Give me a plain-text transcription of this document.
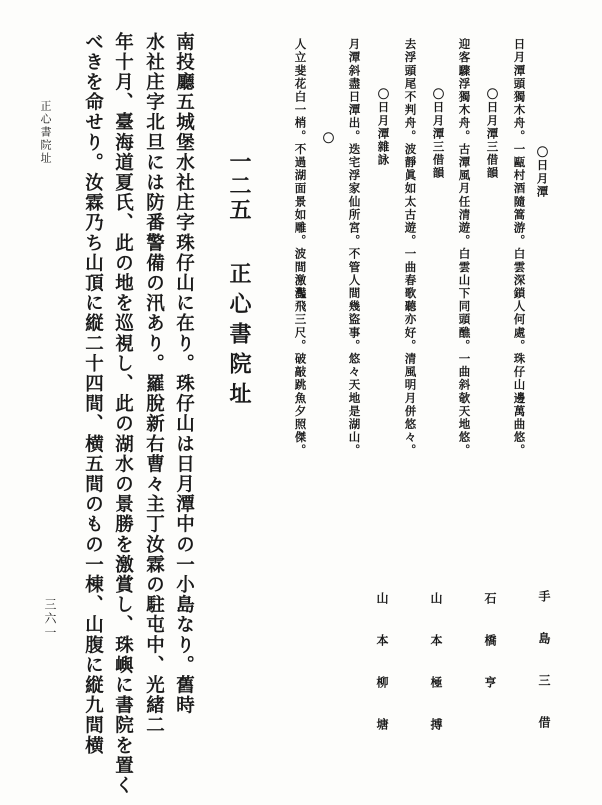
〇日月潭
日月潭頭獨木舟。一甌村酒隨篙游。白雲深鎖人何處。珠仔山邊萬曲悠。
〇日月潭三借韻
迎客驟浮獨木舟。古潭風月任清遊。白雲山下同頭醮。一曲斜欹天地悠。
〇日月潭三借韻
去浮頭尾不判舟。波靜眞如太古遊。一曲春歌聽亦好。清風明月併悠々。
〇日月潭雜詠
月潭斜盡日潭出。迭宅浮家仙所宮。不管人間幾盜事。悠々天地是湖山。
〇
人立斐花白一梢。不過湖面景如雕。波間激灩飛三尺。破敲跳魚夕照傑。
手島三借
石橋亨
山本極搏
山本柳塘
一二五
正心書院址
南投廳五城堡水社庄字珠仔山に在り。珠仔山は日月潭中の一小島なり。舊時
水社庄字北旦には防番警備の汛あり。羅脫新右曹々主丁汝霖の駐屯中、光緒二
年十月、臺海道夏氏、此の地を巡視し、此の湖水の景勝を激賞し、珠嶼に書院を置く
べきを命せり。汝霖乃ち山頂に縦二十四間、横五間のもの一棟、山腹に縦九間横
正心書院址
三六一
